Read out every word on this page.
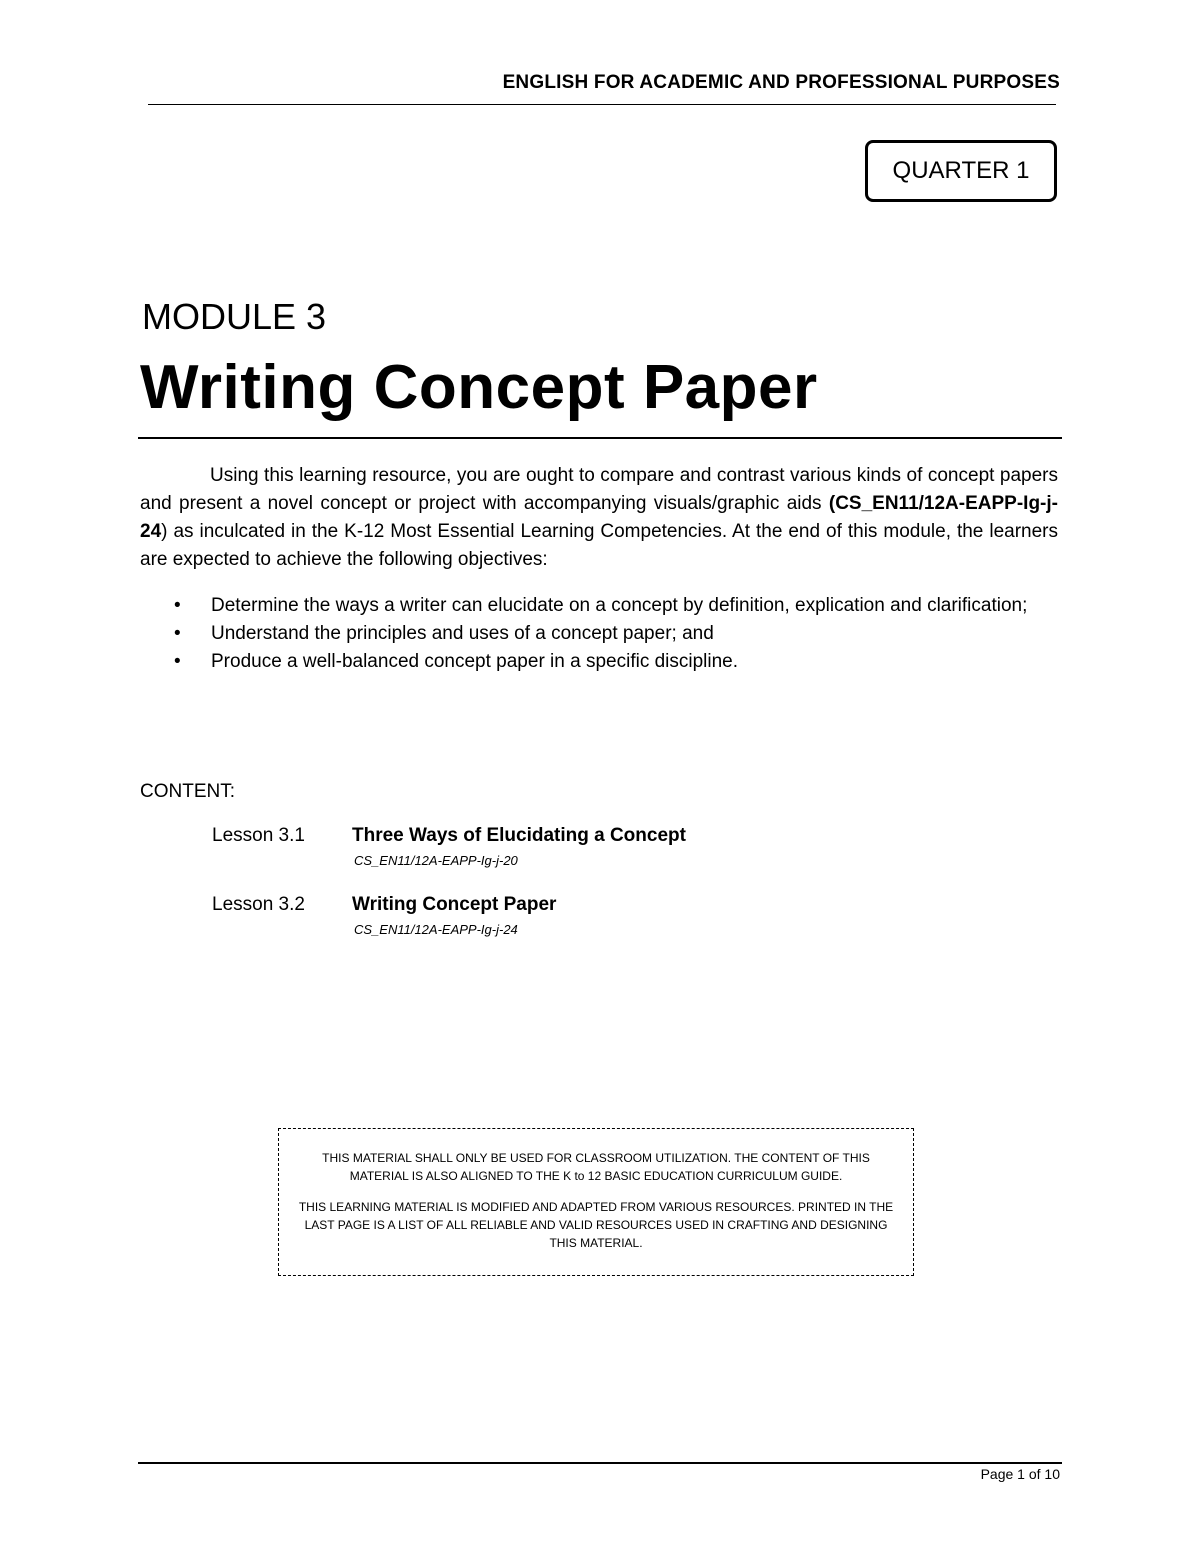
ENGLISH FOR ACADEMIC AND PROFESSIONAL PURPOSES
QUARTER 1
MODULE 3
Writing Concept Paper
Using this learning resource, you are ought to compare and contrast various kinds of concept papers and present a novel concept or project with accompanying visuals/graphic aids (CS_EN11/12A-EAPP-Ig-j-24) as inculcated in the K-12 Most Essential Learning Competencies. At the end of this module, the learners are expected to achieve the following objectives:
• Determine the ways a writer can elucidate on a concept by definition, explication and clarification;
• Understand the principles and uses of a concept paper; and
• Produce a well-balanced concept paper in a specific discipline.
CONTENT:
Lesson 3.1 Three Ways of Elucidating a Concept
CS_EN11/12A-EAPP-Ig-j-20
Lesson 3.2 Writing Concept Paper
CS_EN11/12A-EAPP-Ig-j-24

THIS MATERIAL SHALL ONLY BE USED FOR CLASSROOM UTILIZATION. THE CONTENT OF THIS MATERIAL IS ALSO ALIGNED TO THE K to 12 BASIC EDUCATION CURRICULUM GUIDE.

THIS LEARNING MATERIAL IS MODIFIED AND ADAPTED FROM VARIOUS RESOURCES. PRINTED IN THE LAST PAGE IS A LIST OF ALL RELIABLE AND VALID RESOURCES USED IN CRAFTING AND DESIGNING THIS MATERIAL.

Page 1 of 10
